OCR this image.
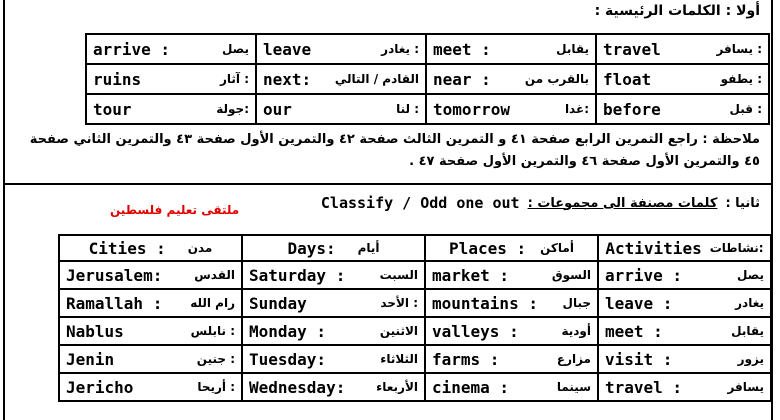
أولا : الكلمات الرئيسية :
arrive : يصل	leave يغادر :	meet : يقابل	travel يسافر :

ruins آثار :	next: القادم / التالي	near : بالقرب من	float يطفو :

tour جولة:	our لنا :	tomorrow غدا:	before قبل :
ملاحظة : راجع التمرين الرابع صفحة ٤١ و التمرين الثالث صفحة ٤٢ والتمرين الأول صفحة ٤٣ والتمرين الثاني صفحة ٤٥ والتمرين الأول صفحة ٤٦ والتمرين الأول صفحة ٤٧ .
ثانيا :
كلمات مصنفة الى مجموعات :
Classify / Odd one out
ملتقى تعليم فلسطين
Cities : مدن	Days: أيام	Places : أماكن	Activities نشاطات:

Jerusalem: القدس	Saturday : السبت	market : السوق	arrive : يصل

Ramallah : رام الله	Sunday الأحد :	mountains : جبال	leave : يغادر

Nablus نابلس :	Monday : الاثنين	valleys : أودية	meet : يقابل

Jenin جنين :	Tuesday: الثلاثاء	farms : مزارع	visit : يزور

Jericho أريحا :	Wednesday: الأربعاء	cinema : سينما	travel : يسافر
